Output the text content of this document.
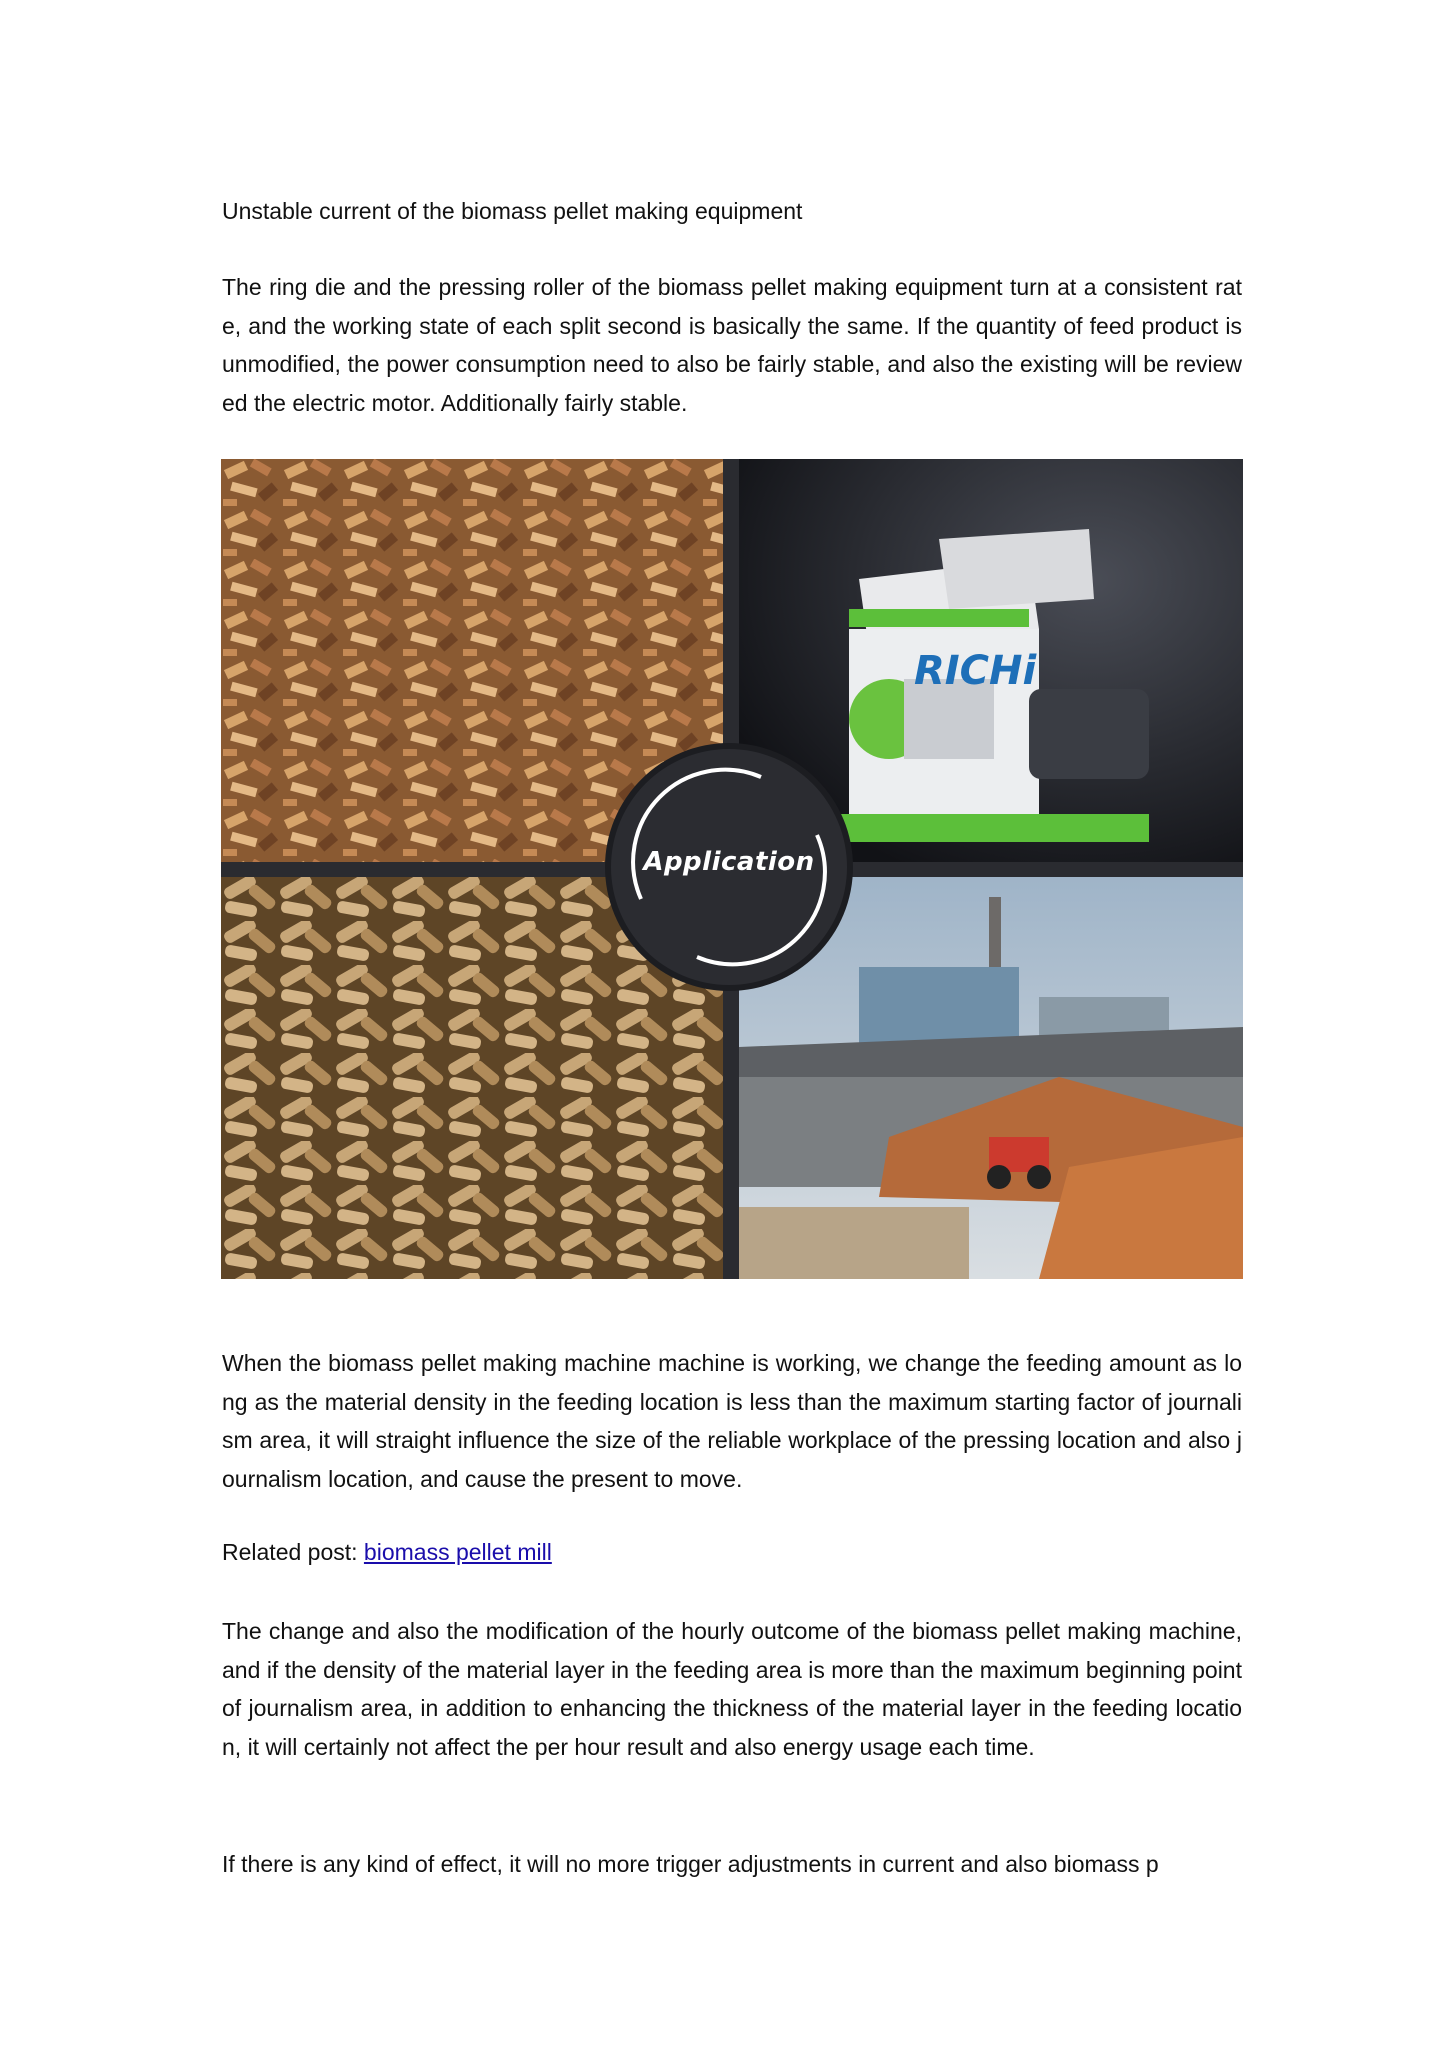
Unstable current of the biomass pellet making equipment
The ring die and the pressing roller of the biomass pellet making equipment turn at a consistent rate, and the working state of each split second is basically the same. If the quantity of feed product is unmodified, the power consumption need to also be fairly stable, and also the existing will be reviewed the electric motor. Additionally fairly stable.
RICHi
Application
When the biomass pellet making machine machine is working, we change the feeding amount as long as the material density in the feeding location is less than the maximum starting factor of journalism area, it will straight influence the size of the reliable workplace of the pressing location and also journalism location, and cause the present to move.
Related post: biomass pellet mill
The change and also the modification of the hourly outcome of the biomass pellet making machine, and if the density of the material layer in the feeding area is more than the maximum beginning point of journalism area, in addition to enhancing the thickness of the material layer in the feeding location, it will certainly not affect the per hour result and also energy usage each time.
If there is any kind of effect, it will no more trigger adjustments in current and also biomass p
